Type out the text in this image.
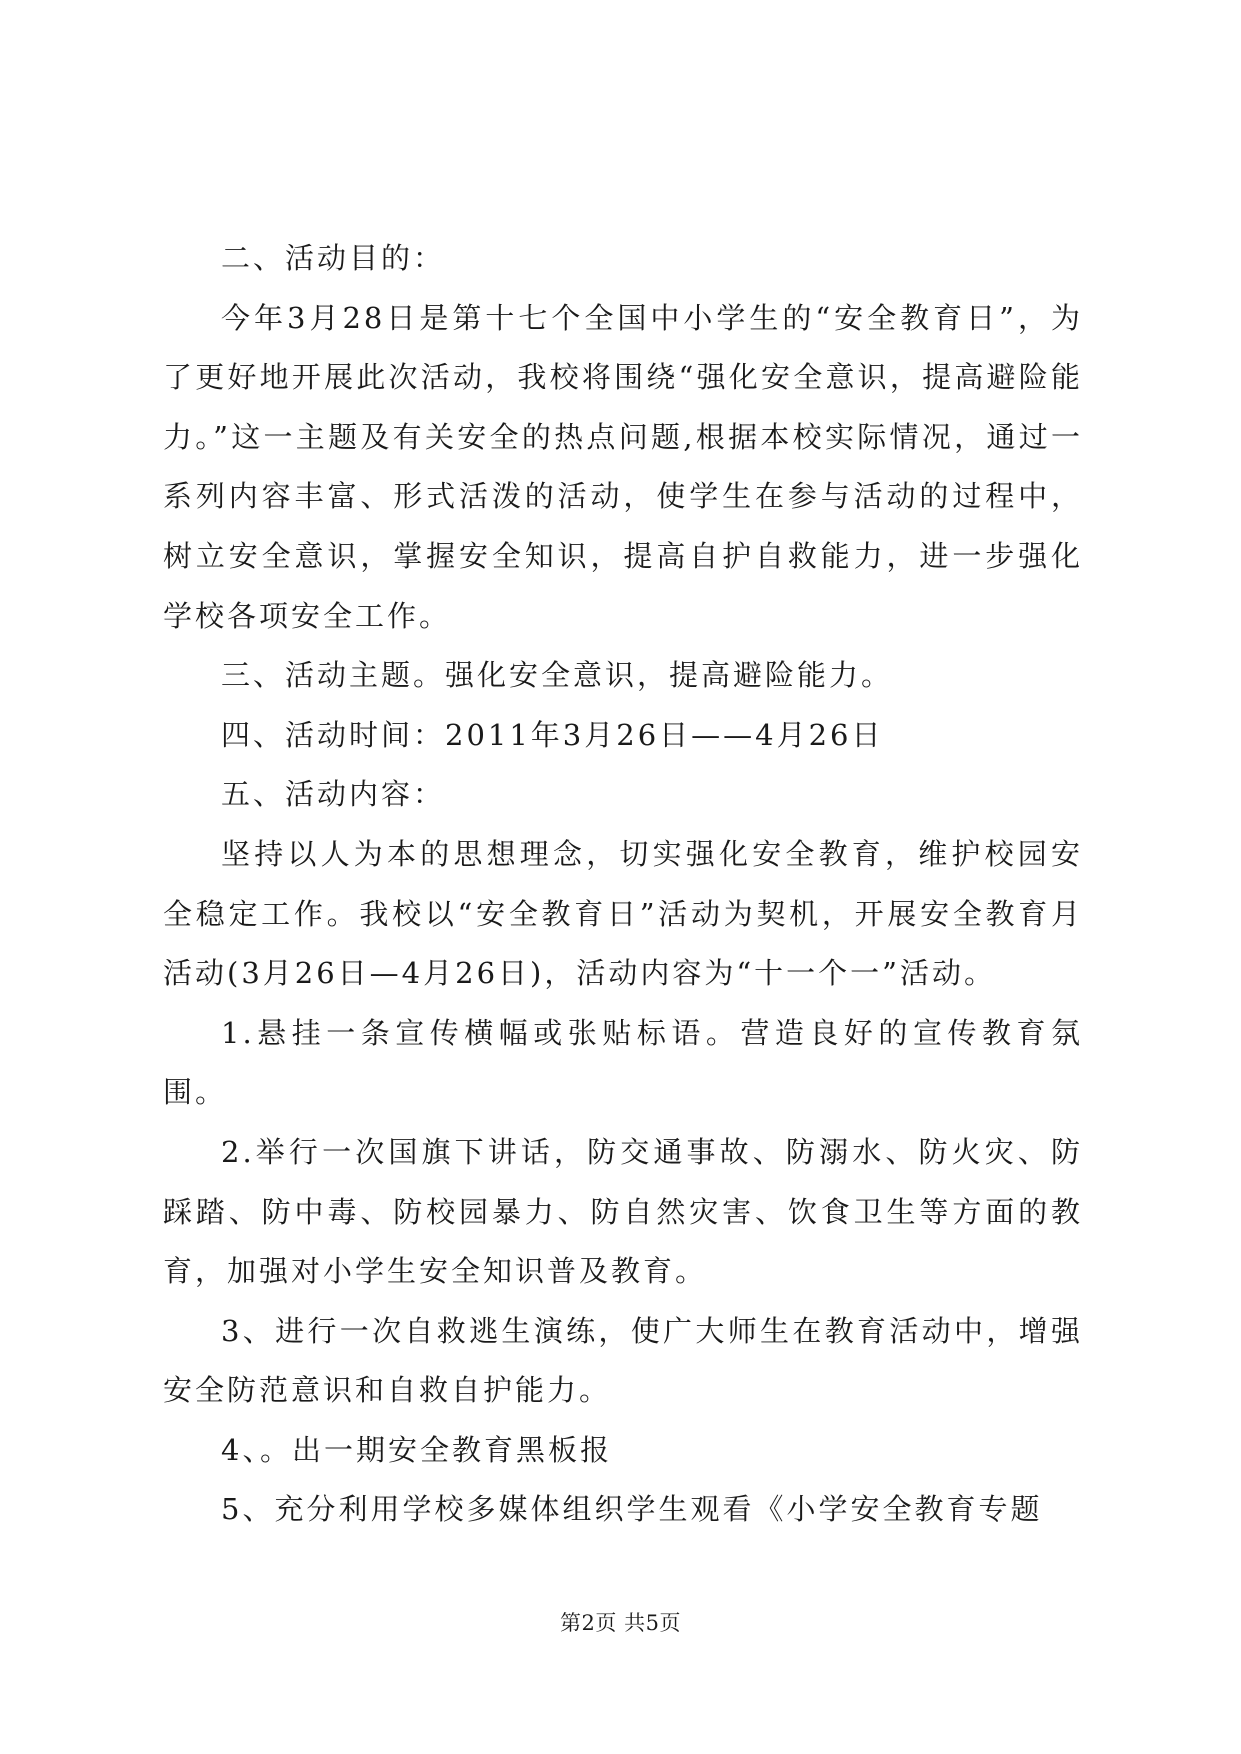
二、活动目的：

今年3月28日是第十七个全国中小学生的“安全教育日”，为了更好地开展此次活动，我校将围绕“强化安全意识，提高避险能力。”这一主题及有关安全的热点问题,根据本校实际情况，通过一系列内容丰富、形式活泼的活动，使学生在参与活动的过程中，树立安全意识，掌握安全知识，提高自护自救能力，进一步强化学校各项安全工作。

三、活动主题。强化安全意识，提高避险能力。

四、活动时间：2011年3月26日——4月26日

五、活动内容：

坚持以人为本的思想理念，切实强化安全教育，维护校园安全稳定工作。我校以“安全教育日”活动为契机，开展安全教育月活动(3月26日—4月26日)，活动内容为“十一个一”活动。

1.悬挂一条宣传横幅或张贴标语。营造良好的宣传教育氛围。

2.举行一次国旗下讲话，防交通事故、防溺水、防火灾、防踩踏、防中毒、防校园暴力、防自然灾害、饮食卫生等方面的教育，加强对小学生安全知识普及教育。

3、进行一次自救逃生演练，使广大师生在教育活动中，增强安全防范意识和自救自护能力。

4、。出一期安全教育黑板报

5、充分利用学校多媒体组织学生观看《小学安全教育专题

第2页 共5页
